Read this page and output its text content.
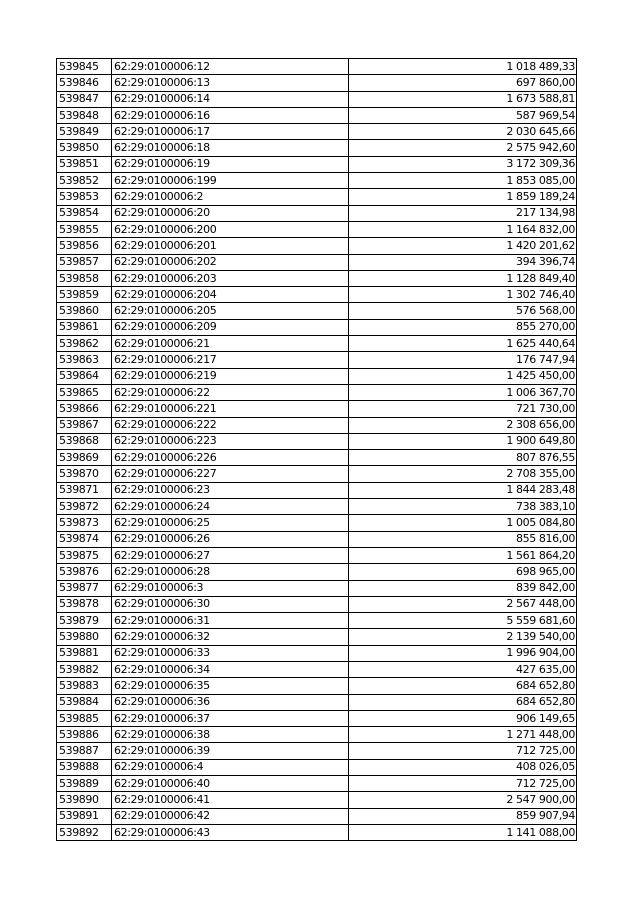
539845	62:29:0100006:12	1 018 489,33
539846	62:29:0100006:13	697 860,00
539847	62:29:0100006:14	1 673 588,81
539848	62:29:0100006:16	587 969,54
539849	62:29:0100006:17	2 030 645,66
539850	62:29:0100006:18	2 575 942,60
539851	62:29:0100006:19	3 172 309,36
539852	62:29:0100006:199	1 853 085,00
539853	62:29:0100006:2	1 859 189,24
539854	62:29:0100006:20	217 134,98
539855	62:29:0100006:200	1 164 832,00
539856	62:29:0100006:201	1 420 201,62
539857	62:29:0100006:202	394 396,74
539858	62:29:0100006:203	1 128 849,40
539859	62:29:0100006:204	1 302 746,40
539860	62:29:0100006:205	576 568,00
539861	62:29:0100006:209	855 270,00
539862	62:29:0100006:21	1 625 440,64
539863	62:29:0100006:217	176 747,94
539864	62:29:0100006:219	1 425 450,00
539865	62:29:0100006:22	1 006 367,70
539866	62:29:0100006:221	721 730,00
539867	62:29:0100006:222	2 308 656,00
539868	62:29:0100006:223	1 900 649,80
539869	62:29:0100006:226	807 876,55
539870	62:29:0100006:227	2 708 355,00
539871	62:29:0100006:23	1 844 283,48
539872	62:29:0100006:24	738 383,10
539873	62:29:0100006:25	1 005 084,80
539874	62:29:0100006:26	855 816,00
539875	62:29:0100006:27	1 561 864,20
539876	62:29:0100006:28	698 965,00
539877	62:29:0100006:3	839 842,00
539878	62:29:0100006:30	2 567 448,00
539879	62:29:0100006:31	5 559 681,60
539880	62:29:0100006:32	2 139 540,00
539881	62:29:0100006:33	1 996 904,00
539882	62:29:0100006:34	427 635,00
539883	62:29:0100006:35	684 652,80
539884	62:29:0100006:36	684 652,80
539885	62:29:0100006:37	906 149,65
539886	62:29:0100006:38	1 271 448,00
539887	62:29:0100006:39	712 725,00
539888	62:29:0100006:4	408 026,05
539889	62:29:0100006:40	712 725,00
539890	62:29:0100006:41	2 547 900,00
539891	62:29:0100006:42	859 907,94
539892	62:29:0100006:43	1 141 088,00
